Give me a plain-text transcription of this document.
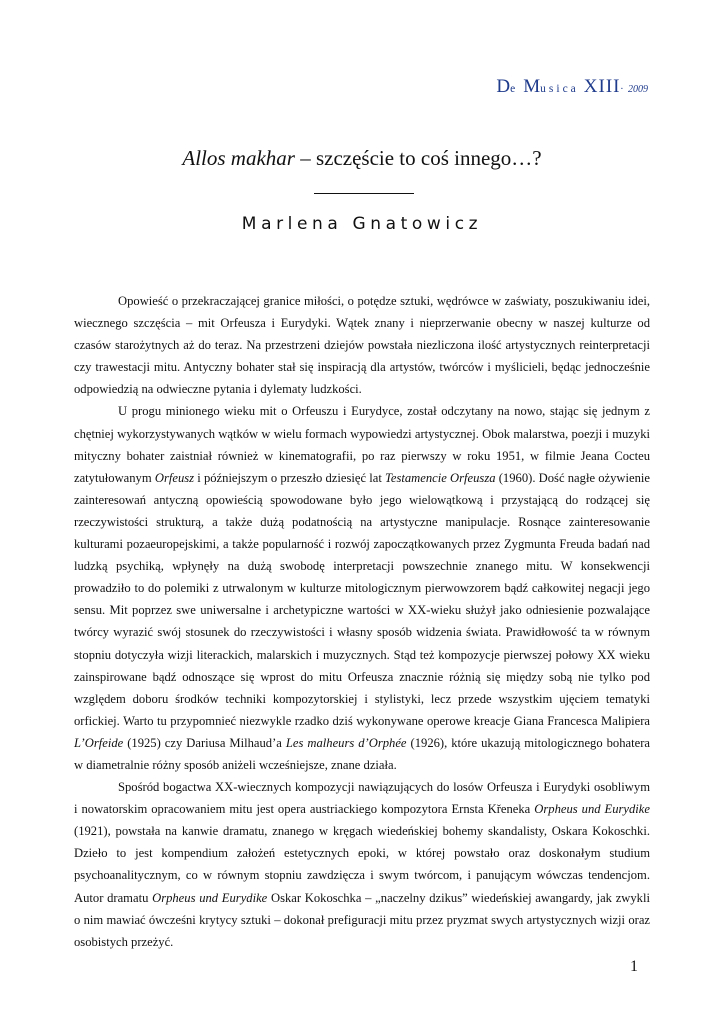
De Musica XIII· 2009
Allos makhar – szczęście to coś innego…?
Marlena Gnatowicz

Opowieść o przekraczającej granice miłości, o potędze sztuki, wędrówce w zaświaty, poszukiwaniu idei, wiecznego szczęścia – mit Orfeusza i Eurydyki. Wątek znany i nieprzerwanie obecny w naszej kulturze od czasów starożytnych aż do teraz. Na przestrzeni dziejów powstała niezliczona ilość artystycznych reinterpretacji czy trawestacji mitu. Antyczny bohater stał się inspiracją dla artystów, twórców i myślicieli, będąc jednocześnie odpowiedzią na odwieczne pytania i dylematy ludzkości.

U progu minionego wieku mit o Orfeuszu i Eurydyce, został odczytany na nowo, stając się jednym z chętniej wykorzystywanych wątków w wielu formach wypowiedzi artystycznej. Obok malarstwa, poezji i muzyki mityczny bohater zaistniał również w kinematografii, po raz pierwszy w roku 1951, w filmie Jeana Cocteu zatytułowanym Orfeusz i późniejszym o przeszło dziesięć lat Testamencie Orfeusza (1960). Dość nagłe ożywienie zainteresowań antyczną opowieścią spowodowane było jego wielowątkową i przystającą do rodzącej się rzeczywistości strukturą, a także dużą podatnością na artystyczne manipulacje. Rosnące zainteresowanie kulturami pozaeuropejskimi, a także popularność i rozwój zapoczątkowanych przez Zygmunta Freuda badań nad ludzką psychiką, wpłynęły na dużą swobodę interpretacji powszechnie znanego mitu. W konsekwencji prowadziło to do polemiki z utrwalonym w kulturze mitologicznym pierwowzorem bądź całkowitej negacji jego sensu. Mit poprzez swe uniwersalne i archetypiczne wartości w XX-wieku służył jako odniesienie pozwalające twórcy wyrazić swój stosunek do rzeczywistości i własny sposób widzenia świata. Prawidłowość ta w równym stopniu dotyczyła wizji literackich, malarskich i muzycznych. Stąd też kompozycje pierwszej połowy XX wieku zainspirowane bądź odnoszące się wprost do mitu Orfeusza znacznie różnią się między sobą nie tylko pod względem doboru środków techniki kompozytorskiej i stylistyki, lecz przede wszystkim ujęciem tematyki orfickiej. Warto tu przypomnieć niezwykle rzadko dziś wykonywane operowe kreacje Giana Francesca Malipiera L’Orfeide (1925) czy Dariusa Milhaud’a Les malheurs d’Orphée (1926), które ukazują mitologicznego bohatera w diametralnie różny sposób aniżeli wcześniejsze, znane działa.

Spośród bogactwa XX-wiecznych kompozycji nawiązujących do losów Orfeusza i Eurydyki osobliwym i nowatorskim opracowaniem mitu jest opera austriackiego kompozytora Ernsta Křeneka Orpheus und Eurydike (1921), powstała na kanwie dramatu, znanego w kręgach wiedeńskiej bohemy skandalisty, Oskara Kokoschki. Dzieło to jest kompendium założeń estetycznych epoki, w której powstało oraz doskonałym studium psychoanalitycznym, co w równym stopniu zawdzięcza i swym twórcom, i panującym wówczas tendencjom. Autor dramatu Orpheus und Eurydike Oskar Kokoschka – „naczelny dzikus” wiedeńskiej awangardy, jak zwykli o nim mawiać ówcześni krytycy sztuki – dokonał prefiguracji mitu przez pryzmat swych artystycznych wizji oraz osobistych przeżyć.

1
